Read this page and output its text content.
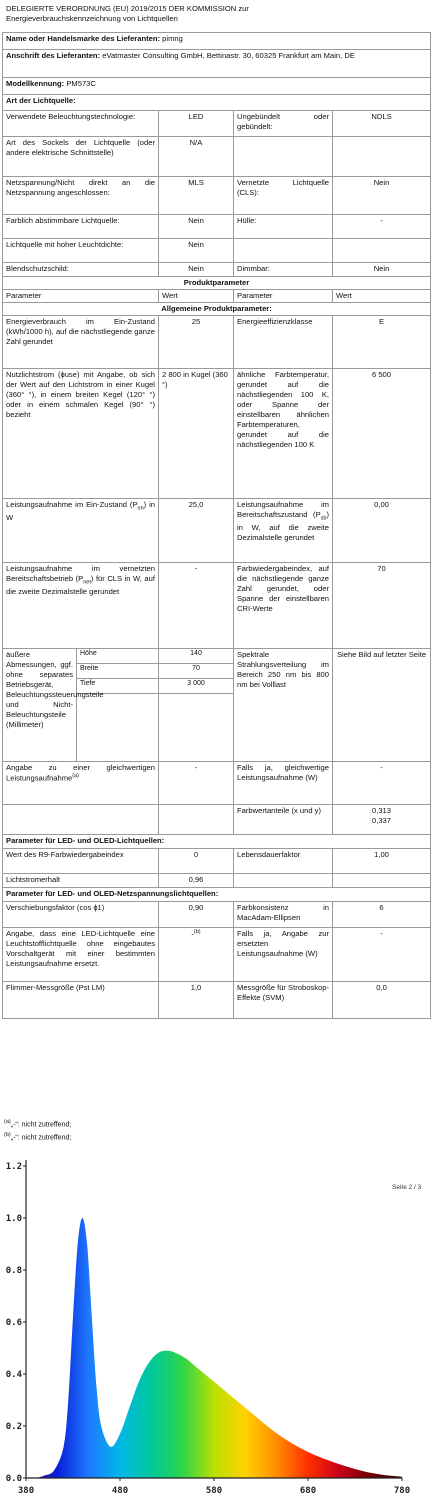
DELEGIERTE VERORDNUNG (EU) 2019/2015 DER KOMMISSION zur
Energieverbrauchskennzeichnung von Lichtquellen
Name oder Handelsmarke des Lieferanten: pimng				
Anschrift des Lieferanten: eVatmaster Consulting GmbH, Bettinastr. 30, 60325 Frankfurt am Main, DE				
Modellkennung: PM573C				
Art der Lichtquelle:				
Verwendete Beleuchtungstechnologie:		LED	Ungebündelt oder gebündelt:	NDLS
Art des Sockels der Lichtquelle (oder andere elektrische Schnittstelle)		N/A		
Netzspannung/Nicht direkt an die Netzspannung angeschlossen:		MLS	Vernetzte Lichtquelle (CLS):	Nein
Farblich abstimmbare Lichtquelle:		Nein	Hülle:	-
Lichtquelle mit hoher Leuchtdichte:		Nein		
Blendschutzschild:		Nein	Dimmbar:	Nein
Produktparameter				
Parameter		Wert	Parameter	Wert
Allgemeine Produktparameter:				
Energieverbrauch im Ein-Zustand (kWh/1000 h), auf die nächstliegende ganze Zahl gerundet		25	Energieeffizienzklasse	E
Nutzlichtstrom (ɸuse) mit Angabe, ob sich der Wert auf den Lichtstrom in einer Kugel (360° °), in einem breiten Kegel (120° °) oder in einem schmalen Kegel (90° °) bezieht		2 800 in Kugel (360 °)	ähnliche Farbtemperatur, gerundet auf die nächstliegenden 100 K, oder Spanne der einstellbaren ähnlichen Farbtemperaturen, gerundet auf die nächstliegenden 100 K	6 500
Leistungsaufnahme im Ein-Zustand $(P_{on})$ in W		25,0	Leistungsaufnahme im Bereitschaftszustand $(P_{sb})$ in W, auf die zweite Dezimalstelle gerundet	0,00
Leistungsaufnahme im vernetzten Bereitschaftsbetrieb $(P_{net})$ für CLS in W, auf die zweite Dezimalstelle gerundet		-	Farbwiedergabeindex, auf die nächstliegende ganze Zahl gerundet, oder Spanne der einstellbaren CRI-Werte	70
äußere Abmessungen, ggf. ohne separates Betriebsgerät, Beleuchtungssteuerungsteile und Nicht-Beleuchtungsteile (Millimeter)	Höhe	140	Spektrale Strahlungsverteilung im Bereich 250 nm bis 800 nm bei Volllast	Siehe Bild auf letzter Seite
	Breite	70		
	Tiefe	3 000		

Angabe zu einer gleichwertigen Leistungsaufnahme$^{(a)}$		-	Falls ja, gleichwertige Leistungsaufnahme (W)	-
			Farbwertanteile (x und y)	0,313
0,337

Parameter für LED- und OLED-Lichtquellen:				
Wert des R9-Farbwiedergabeindex		0	Lebensdauerfaktor	1,00
Lichtstromerhalt		0,96		
Parameter für LED- und OLED-Netzspannungslichtquellen:				
Verschiebungsfaktor (cos ɸ1)		0,90	Farbkonsistenz in MacAdam-Ellipsen	6
Angabe, dass eine LED-Lichtquelle eine Leuchtstofflichtquelle ohne eingebautes Vorschaltgerät mit einer bestimmten Leistungsaufnahme ersetzt.		-$^{(b)}$	Falls ja, Angabe zur ersetzten Leistungsaufnahme (W)	-
Flimmer-Messgröße (Pst LM)		1,0	Messgröße für Stroboskop-Effekte (SVM)	0,0
$^{(a)}$„-“: nicht zutreffend;
$^{(b)}$„-“: nicht zutreffend;
0.0
0.2
0.4
0.6
0.8
1.0
1.2
380	480	580	680	780
Seite 2 / 3
